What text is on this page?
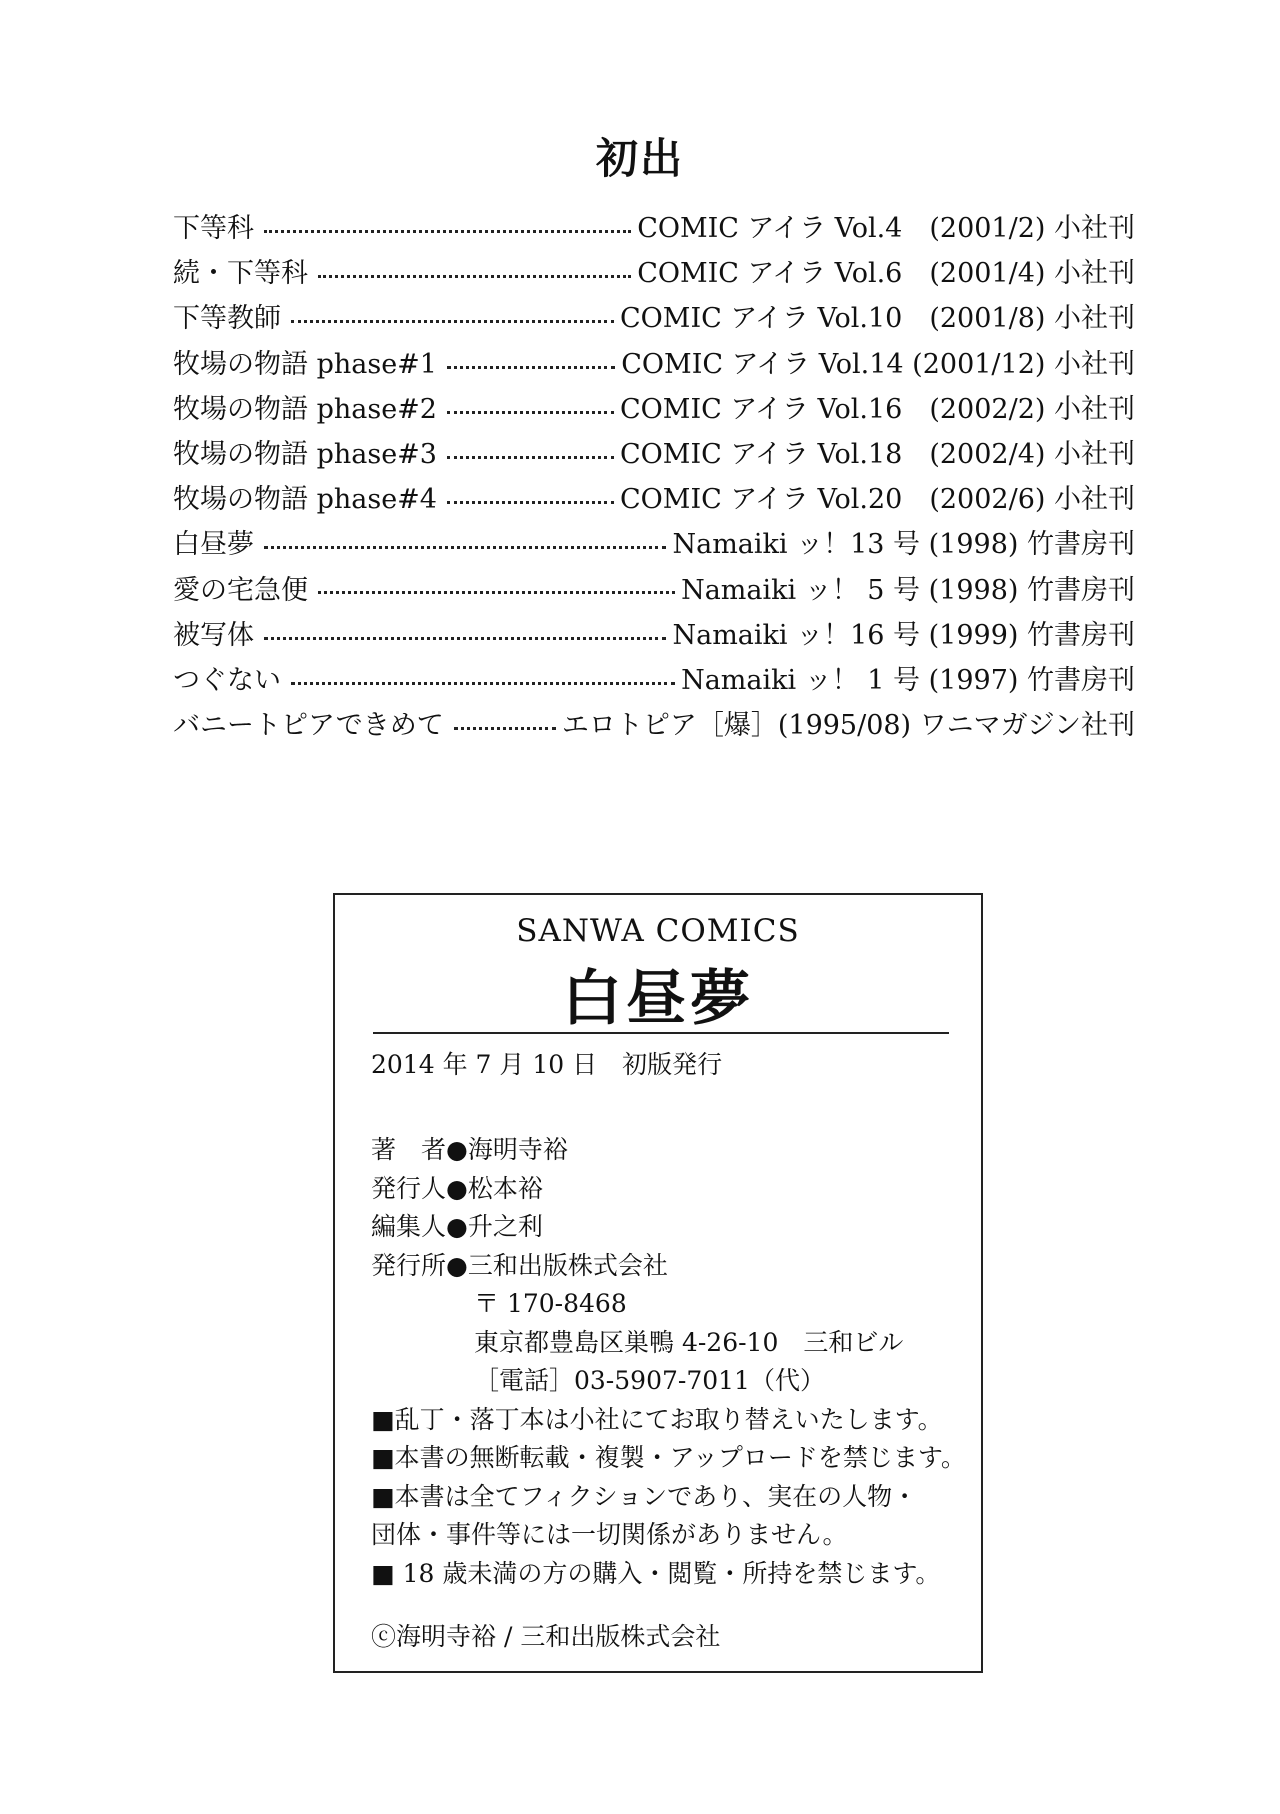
初出
下等科	COMIC アイラ Vol.4　(2001/2) 小社刊
続・下等科	COMIC アイラ Vol.6　(2001/4) 小社刊
下等教師	COMIC アイラ Vol.10　(2001/8) 小社刊
牧場の物語 phase#1	COMIC アイラ Vol.14 (2001/12) 小社刊
牧場の物語 phase#2	COMIC アイラ Vol.16　(2002/2) 小社刊
牧場の物語 phase#3	COMIC アイラ Vol.18　(2002/4) 小社刊
牧場の物語 phase#4	COMIC アイラ Vol.20　(2002/6) 小社刊
白昼夢	Namaiki ッ！13 号 (1998) 竹書房刊
愛の宅急便	Namaiki ッ！ 5 号 (1998) 竹書房刊
被写体	Namaiki ッ！16 号 (1999) 竹書房刊
つぐない	Namaiki ッ！ 1 号 (1997) 竹書房刊
バニートピアできめて	エロトピア［爆］(1995/08) ワニマガジン社刊
SANWA COMICS
白昼夢
2014 年 7 月 10 日　初版発行
著　者●海明寺裕
発行人●松本裕
編集人●升之利
発行所●三和出版株式会社
〒 170-8468
東京都豊島区巣鴨 4-26-10　三和ビル
［電話］03-5907-7011（代）
■乱丁・落丁本は小社にてお取り替えいたします。
■本書の無断転載・複製・アップロードを禁じます。
■本書は全てフィクションであり、実在の人物・
団体・事件等には一切関係がありません。
■ 18 歳未満の方の購入・閲覧・所持を禁じます。
ⓒ海明寺裕 / 三和出版株式会社
